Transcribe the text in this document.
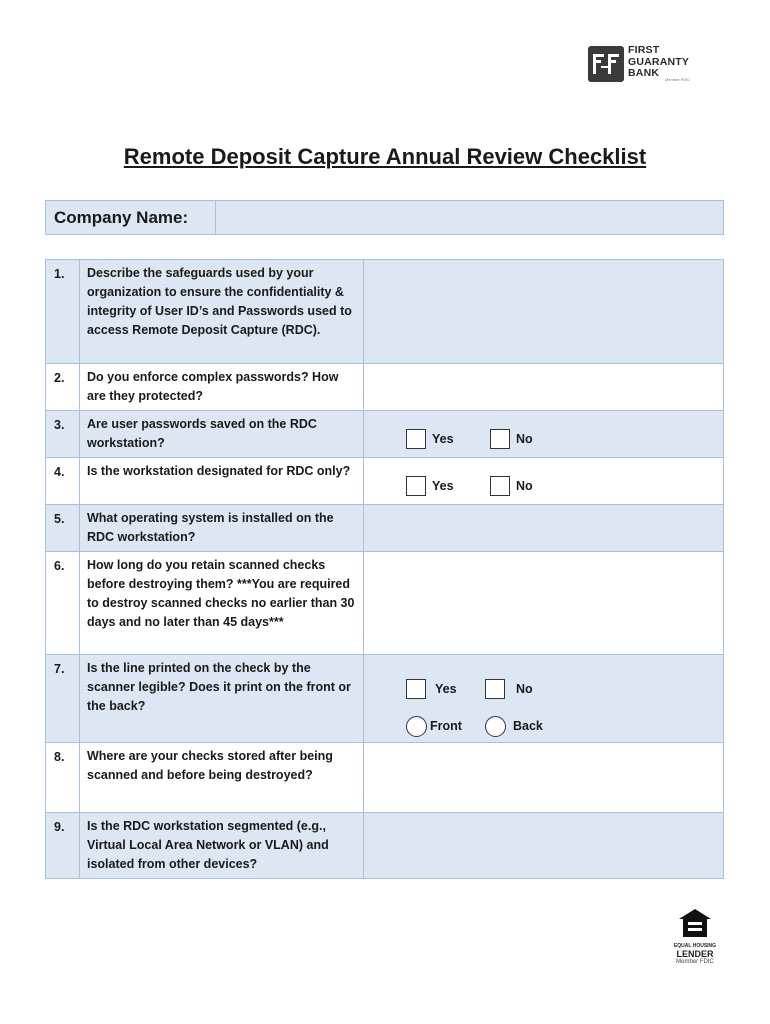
FIRST
GUARANTY
BANK
Member FDIC
Remote Deposit Capture Annual Review Checklist
Company Name:
1.	Describe the safeguards used by your organization to ensure the confidentiality & integrity of User ID’s and Passwords used to access Remote Deposit Capture (RDC).	
2.	Do you enforce complex passwords? How are they protected?	
3.	Are user passwords saved on the RDC workstation?	Yes No

4.	Is the workstation designated for RDC only?	Yes No

5.	What operating system is installed on the RDC workstation?	
6.	How long do you retain scanned checks before destroying them? ***You are required to destroy scanned checks no earlier than 30 days and no later than 45 days***	
7.	Is the line printed on the check by the scanner legible? Does it print on the front or the back?	Yes No
Front Back

8.	Where are your checks stored after being scanned and before being destroyed?	
9.	Is the RDC workstation segmented (e.g., Virtual Local Area Network or VLAN) and isolated from other devices?	
EQUAL HOUSING
LENDER
Member FDIC
